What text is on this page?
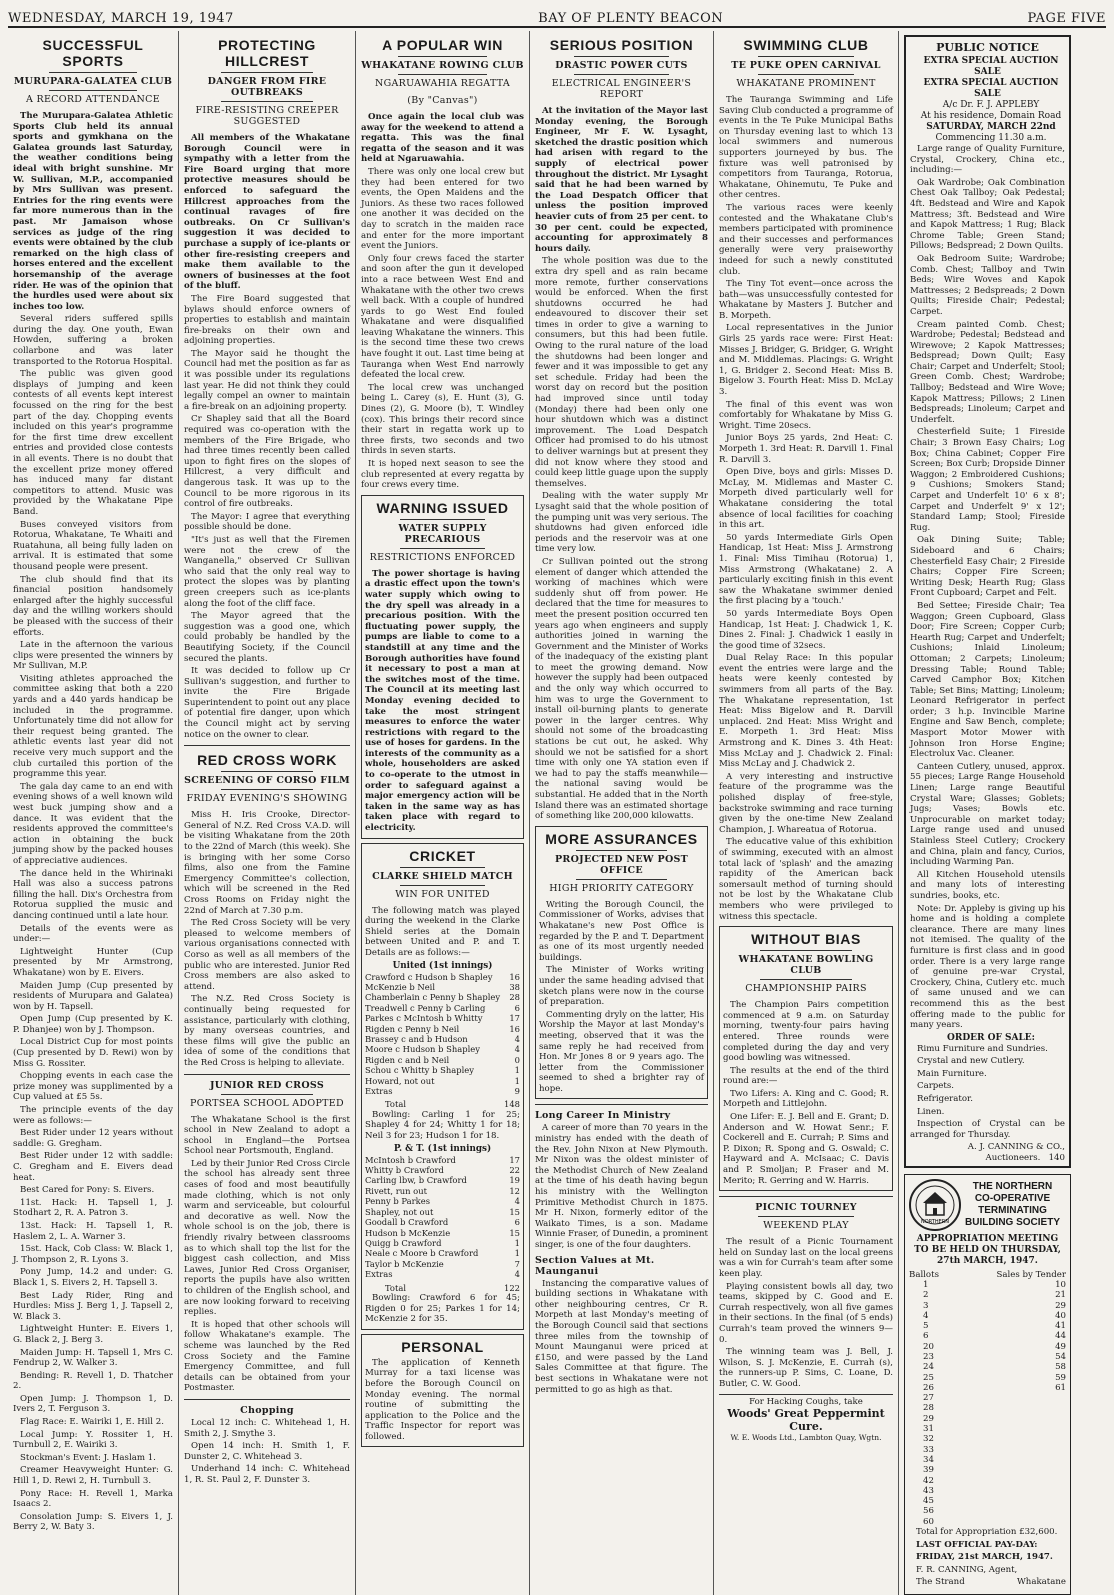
WEDNESDAY, MARCH 19, 1947	BAY OF PLENTY BEACON	PAGE FIVE
SUCCESSFUL SPORTS
MURUPARA-GALATEA CLUB
A RECORD ATTENDANCE

The Murupara-Galatea Athletic Sports Club held its annual sports and gymkhana on the Galatea grounds last Saturday, the weather conditions being ideal with bright sunshine. Mr W. Sullivan, M.P., accompanied by Mrs Sullivan was present. Entries for the ring events were far more numerous than in the past. Mr Jamaison whose services as judge of the ring events were obtained by the club remarked on the high class of horses entered and the excellent horsemanship of the average rider. He was of the opinion that the hurdles used were about six inches too low.

Several riders suffered spills during the day. One youth, Ewan Howden, suffering a broken collarbone and was later transported to the Rotorua Hospital.

The public was given good displays of jumping and keen contests of all events kept interest focussed on the ring for the best part of the day. Chopping events included on this year's programme for the first time drew excellent entries and provided close contests in all events. There is no doubt that the excellent prize money offered has induced many far distant competitors to attend. Music was provided by the Whakatane Pipe Band.

Buses conveyed visitors from Rotorua, Whakatane, Te Whaiti and Ruatahuna, all being fully laden on arrival. It is estimated that some thousand people were present.

The club should find that its financial position handsomely enlarged after the highly successful day and the willing workers should be pleased with the success of their efforts.

Late in the afternoon the various clips were presented the winners by Mr Sullivan, M.P.

Visiting athletes approached the committee asking that both a 220 yards and a 440 yards handicap be included in the programme. Unfortunately time did not allow for their request being granted. The athletic events last year did not receive very much support and the club curtailed this portion of the programme this year.

The gala day came to an end with evening shows of a well known wild west buck jumping show and a dance. It was evident that the residents approved the committee's action in obtaining the buck jumping show by the packed houses of appreciative audiences.

The dance held in the Whirinaki Hall was also a success patrons filling the hall. Dix's Orchestra from Rotorua supplied the music and dancing continued until a late hour.

Details of the events were as under:—

Lightweight Hunter (Cup presented by Mr Armstrong, Whakatane) won by E. Eivers.

Maiden Jump (Cup presented by residents of Murupara and Galatea) won by H. Tapsell.

Open Jump (Cup presented by K. P. Dhanjee) won by J. Thompson.

Local District Cup for most points (Cup presented by D. Rewi) won by Miss G. Rossiter.

Chopping events in each case the prize money was supplimented by a Cup valued at £5 5s.

The principle events of the day were as follows:—

Best Rider under 12 years without saddle: G. Gregham.

Best Rider under 12 with saddle: C. Gregham and E. Eivers dead heat.

Best Cared for Pony: S. Eivers.

11st. Hack: H. Tapsell 1, J. Stodhart 2, R. A. Patron 3.

13st. Hack: H. Tapsell 1, R. Haslem 2, L. A. Warner 3.

15st. Hack, Cob Class: W. Black 1, J. Thompson 2, R. Lyons 3.

Pony Jump, 14.2 and under: G. Black 1, S. Eivers 2, H. Tapsell 3.

Best Lady Rider, Ring and Hurdles: Miss J. Berg 1, J. Tapsell 2, W. Black 3.

Lightweight Hunter: E. Eivers 1, G. Black 2, J. Berg 3.

Maiden Jump: H. Tapsell 1, Mrs C. Fendrup 2, W. Walker 3.

Bending: R. Revell 1, D. Thatcher 2.

Open Jump: J. Thompson 1, D. Ivers 2, T. Ferguson 3.

Flag Race: E. Wairiki 1, E. Hill 2.

Local Jump: Y. Rossiter 1, H. Turnbull 2, E. Wairiki 3.

Stockman's Event: J. Haslam 1.

Creamer Heavyweight Hunter: G. Hill 1, D. Rewi 2, H. Turnbull 3.

Pony Race: H. Revell 1, Marka Isaacs 2.

Consolation Jump: S. Eivers 1, J. Berry 2, W. Baty 3.

PROTECTING HILLCREST
DANGER FROM FIRE OUTBREAKS
FIRE-RESISTING CREEPER SUGGESTED

All members of the Whakatane Borough Council were in sympathy with a letter from the Fire Board urging that more protective measures should be enforced to safeguard the Hillcrest approaches from the continual ravages of fire outbreaks. On Cr Sullivan's suggestion it was decided to purchase a supply of ice-plants or other fire-resisting creepers and make them available to the owners of businesses at the foot of the bluff.

The Fire Board suggested that bylaws should enforce owners of properties to establish and maintain fire-breaks on their own and adjoining properties.

The Mayor said he thought the Council had met the position as far as it was possible under its regulations last year. He did not think they could legally compel an owner to maintain a fire-break on an adjoining property.

Cr Shapley said that all the Board required was co-operation with the members of the Fire Brigade, who had three times recently been called upon to fight fires on the slopes of Hillcrest, a very difficult and dangerous task. It was up to the Council to be more rigorous in its control of fire outbreaks.

The Mayor: I agree that everything possible should be done.

"It's just as well that the Firemen were not the crew of the Wanganella," observed Cr Sullivan who said that the only real way to protect the slopes was by planting green creepers such as ice-plants along the foot of the cliff face.

The Mayor agreed that the suggestion was a good one, which could probably be handled by the Beautifying Society, if the Council secured the plants.

It was decided to follow up Cr Sullivan's suggestion, and further to invite the Fire Brigade Superintendent to point out any place of potential fire danger, upon which the Council might act by serving notice on the owner to clear.

RED CROSS WORK
SCREENING OF CORSO FILM
FRIDAY EVENING'S SHOWING

Miss H. Iris Crooke, Director-General of N.Z. Red Cross V.A.D. will be visiting Whakatane from the 20th to the 22nd of March (this week). She is bringing with her some Corso films, also one from the Famine Emergency Committee's collection, which will be screened in the Red Cross Rooms on Friday night the 22nd of March at 7.30 p.m.

The Red Cross Society will be very pleased to welcome members of various organisations connected with Corso as well as all members of the public who are interested. Junior Red Cross members are also asked to attend.

The N.Z. Red Cross Society is continually being requested for assistance, particularly with clothing, by many overseas countries, and these films will give the public an idea of some of the conditions that the Red Cross is helping to alleviate.

JUNIOR RED CROSS
PORTSEA SCHOOL ADOPTED

The Whakatane School is the first school in New Zealand to adopt a school in England—the Portsea School near Portsmouth, England.

Led by their Junior Red Cross Circle the school has already sent three cases of food and most beautifully made clothing, which is not only warm and serviceable, but colourful and decorative as well. Now the whole school is on the job, there is friendly rivalry between classrooms as to which shall top the list for the biggest cash collection, and Miss Lawes, Junior Red Cross Organiser, reports the pupils have also written to children of the English school, and are now looking forward to receiving replies.

It is hoped that other schools will follow Whakatane's example. The scheme was launched by the Red Cross Society and the Famine Emergency Committee, and full details can be obtained from your Postmaster.

Chopping

Local 12 inch: C. Whitehead 1, H. Smith 2, J. Smythe 3.

Open 14 inch: H. Smith 1, F. Dunster 2, C. Whitehead 3.

Underhand 14 inch: C. Whitehead 1, R. St. Paul 2, F. Dunster 3.

A POPULAR WIN
WHAKATANE ROWING CLUB
NGARUAWAHIA REGATTA
(By "Canvas")

Once again the local club was away for the weekend to attend a regatta. This was the final regatta of the season and it was held at Ngaruawahia.

There was only one local crew but they had been entered for two events, the Open Maidens and the Juniors. As these two races followed one another it was decided on the day to scratch in the maiden race and enter for the more important event the Juniors.

Only four crews faced the starter and soon after the gun it developed into a race between West End and Whakatane with the other two crews well back. With a couple of hundred yards to go West End fouled Whakatane and were disqualified leaving Whakatane the winners. This is the second time these two crews have fought it out. Last time being at Tauranga when West End narrowly defeated the local crew.

The local crew was unchanged being L. Carey (s), E. Hunt (3), G. Dines (2), G. Moore (b), T. Windley (cox). This brings their record since their start in regatta work up to three firsts, two seconds and two thirds in seven starts.

It is hoped next season to see the club represented at every regatta by four crews every time.

WARNING ISSUED
WATER SUPPLY PRECARIOUS
RESTRICTIONS ENFORCED

The power shortage is having a drastic effect upon the town's water supply which owing to the dry spell was already in a precarious position. With the fluctuating power supply, the pumps are liable to come to a standstill at any time and the Borough authorities have found it necessary to post a man at the switches most of the time. The Council at its meeting last Monday evening decided to take the most stringent measures to enforce the water restrictions with regard to the use of hoses for gardens. In the interests of the community as a whole, householders are asked to co-operate to the utmost in order to safeguard against a major emergency action will be taken in the same way as has taken place with regard to electricity.

CRICKET
CLARKE SHIELD MATCH
WIN FOR UNITED

The following match was played during the weekend in the Clarke Shield series at the Domain between United and P. and T. Details are as follows:—

United (1st innings)
Crawford c Hudson b Shapley	16
McKenzie b Neil	38
Chamberlain c Penny b Shapley	28
Treadwell c Penny b Carling	6
Parkes c McIntosh b Whitty	17
Rigden c Penny b Neil	16
Brassey c and b Hudson	4
Moore c Hudson b Shapley	4
Rigden c and b Neil	0
Schou c Whitty b Shapley	1
Howard, not out	1
Extras	9
Total	148

Bowling: Carling 1 for 25; Shapley 4 for 24; Whitty 1 for 18; Neil 3 for 23; Hudson 1 for 18.

P. & T. (1st innings)
McIntosh b Crawford	17
Whitty b Crawford	22
Carling lbw, b Crawford	19
Rivett, run out	12
Penny b Parkes	4
Shapley, not out	15
Goodall b Crawford	6
Hudson b McKenzie	15
Quigg b Crawford	1
Neale c Moore b Crawford	1
Taylor b McKenzie	7
Extras	4
Total	122

Bowling: Crawford 6 for 45; Rigden 0 for 25; Parkes 1 for 14; McKenzie 2 for 35.

PERSONAL

The application of Kenneth Murray for a taxi license was before the Borough Council on Monday evening. The normal routine of submitting the application to the Police and the Traffic Inspector for report was followed.

SERIOUS POSITION
DRASTIC POWER CUTS
ELECTRICAL ENGINEER'S REPORT

At the invitation of the Mayor last Monday evening, the Borough Engineer, Mr F. W. Lysaght, sketched the drastic position which had arisen with regard to the supply of electrical power throughout the district. Mr Lysaght said that he had been warned by the Load Despatch Officer that unless the position improved heavier cuts of from 25 per cent. to 30 per cent. could be expected, accounting for approximately 8 hours daily.

The whole position was due to the extra dry spell and as rain became more remote, further conservations would be enforced. When the first shutdowns occurred he had endeavoured to discover their set times in order to give a warning to consumers, but this had been futile. Owing to the rural nature of the load the shutdowns had been longer and fewer and it was impossible to get any set schedule. Friday had been the worst day on record but the position had improved since until today (Monday) there had been only one hour shutdown which was a distinct improvement. The Load Despatch Officer had promised to do his utmost to deliver warnings but at present they did not know where they stood and could keep little guage upon the supply themselves.

Dealing with the water supply Mr Lysaght said that the whole position of the pumping unit was very serious. The shutdowns had given enforced idle periods and the reservoir was at one time very low.

Cr Sullivan pointed out the strong element of danger which attended the working of machines which were suddenly shut off from power. He declared that the time for measures to meet the present position occurred ten years ago when engineers and supply authorities joined in warning the Government and the Minister of Works of the inadequacy of the existing plant to meet the growing demand. Now however the supply had been outpaced and the only way which occurred to him was to urge the Government to install oil-burning plants to generate power in the larger centres. Why should not some of the broadcasting stations be cut out, he asked. Why should we not be satisfied for a short time with only one YA station even if we had to pay the staffs meanwhile—the national saving would be substantial. He added that in the North Island there was an estimated shortage of something like 200,000 kilowatts.

MORE ASSURANCES
PROJECTED NEW POST OFFICE
HIGH PRIORITY CATEGORY

Writing the Borough Council, the Commissioner of Works, advises that Whakatane's new Post Office is regarded by the P. and T. Department as one of its most urgently needed buildings.

The Minister of Works writing under the same heading advised that sketch plans were now in the course of preparation.

Commenting dryly on the latter, His Worship the Mayor at last Monday's meeting, observed that it was the same reply he had received from Hon. Mr Jones 8 or 9 years ago. The letter from the Commissioner seemed to shed a brighter ray of hope.

Long Career In Ministry

A career of more than 70 years in the ministry has ended with the death of the Rev. John Nixon at New Plymouth. Mr Nixon was the oldest minister of the Methodist Church of New Zealand at the time of his death having begun his ministry with the Wellington Primitive Methodist Church in 1875. Mr H. Nixon, formerly editor of the Waikato Times, is a son. Madame Winnie Fraser, of Dunedin, a prominent singer, is one of the four daughters.

Section Values at Mt. Maunganui

Instancing the comparative values of building sections in Whakatane with other neighbouring centres, Cr R. Morpeth at last Monday's meeting of the Borough Council said that sections three miles from the township of Mount Maunganui were priced at £150, and were passed by the Land Sales Committee at that figure. The best sections in Whakatane were not permitted to go as high as that.

SWIMMING CLUB
TE PUKE OPEN CARNIVAL
WHAKATANE PROMINENT

The Tauranga Swimming and Life Saving Club conducted a programme of events in the Te Puke Municipal Baths on Thursday evening last to which 13 local swimmers and numerous supporters journeyed by bus. The fixture was well patronised by competitors from Tauranga, Rotorua, Whakatane, Ohinemutu, Te Puke and other centres.

The various races were keenly contested and the Whakatane Club's members participated with prominence and their successes and performances generally were very praiseworthy indeed for such a newly constituted club.

The Tiny Tot event—once across the bath—was unsuccessfully contested for Whakatane by Masters J. Butcher and B. Morpeth.

Local representatives in the Junior Girls 25 yards race were: First Heat: Misses J. Bridger, G. Bridger, G. Wright and M. Middlemas. Placings: G. Wright 1, G. Bridger 2. Second Heat: Miss B. Bigelow 3. Fourth Heat: Miss D. McLay 3.

The final of this event was won comfortably for Whakatane by Miss G. Wright. Time 20secs.

Junior Boys 25 yards, 2nd Heat: C. Morpeth 1. 3rd Heat: R. Darvill 1. Final R. Darvill 3.

Open Dive, boys and girls: Misses D. McLay, M. Midlemas and Master C. Morpeth dived particularly well for Whakatane considering the total absence of local facilities for coaching in this art.

50 yards Intermediate Girls Open Handicap, 1st Heat: Miss J. Armstrong 1. Final: Miss Timihau (Rotorua) 1, Miss Armstrong (Whakatane) 2. A particularly exciting finish in this event saw the Whakatane swimmer denied the first placing by a 'touch.'

50 yards Intermediate Boys Open Handicap, 1st Heat: J. Chadwick 1, K. Dines 2. Final: J. Chadwick 1 easily in the good time of 32secs.

Dual Relay Race: In this popular event the entries were large and the heats were keenly contested by swimmers from all parts of the Bay. The Whakatane representation, 1st Heat: Miss Bigelow and R. Darvill unplaced. 2nd Heat: Miss Wright and E. Morpeth 1. 3rd Heat: Miss Armstrong and K. Dines 3. 4th Heat: Miss McLay and J. Chadwick 2. Final: Miss McLay and J. Chadwick 2.

A very interesting and instructive feature of the programme was the polished display of free-style, backstroke swimming and race turning given by the one-time New Zealand Champion, J. Whareatua of Rotorua.

The educative value of this exhibition of swimming, executed with an almost total lack of 'splash' and the amazing rapidity of the American back somersault method of turning should not be lost by the Whakatane Club members who were privileged to witness this spectacle.

WITHOUT BIAS
WHAKATANE BOWLING CLUB
CHAMPIONSHIP PAIRS

The Champion Pairs competition commenced at 9 a.m. on Saturday morning, twenty-four pairs having entered. Three rounds were completed during the day and very good bowling was witnessed.

The results at the end of the third round are:—

Two Lifers: A. King and C. Good; R. Morpeth and Littlejohn.

One Lifer: E. J. Bell and E. Grant; D. Anderson and W. Howat Senr.; F. Cockerell and E. Currah; P. Sims and P. Dixon; R. Spong and G. Oswald; C. Hayward and A. McIsaac; C. Davis and P. Smoljan; P. Fraser and M. Merito; R. Gerring and W. Harris.

PICNIC TOURNEY
WEEKEND PLAY

The result of a Picnic Tournament held on Sunday last on the local greens was a win for Currah's team after some keen play.

Playing consistent bowls all day, two teams, skipped by C. Good and E. Currah respectively, won all five games in their sections. In the final (of 5 ends) Currah's team proved the winners 9—0.

The winning team was J. Bell, J. Wilson, S. J. McKenzie, E. Currah (s), the runners-up P. Sims, C. Loane, D. Butler, C. W. Good.

For Hacking Coughs, take
Woods' Great Peppermint Cure.
W. E. Woods Ltd., Lambton Quay, Wgtn.
PUBLIC NOTICE

EXTRA SPECIAL AUCTION SALE

EXTRA SPECIAL AUCTION SALE

A/c Dr. F. J. APPLEBY

At his residence, Domain Road

SATURDAY, MARCH 22nd

Commencing 11.30 a.m.

Large range of Quality Furniture, Crystal, Crockery, China etc., including:—

Oak Wardrobe; Oak Combination Chest Oak Tallboy; Oak Pedestal; 4ft. Bedstead and Wire and Kapok Mattress; 3ft. Bedstead and Wire and Kapok Mattress; 1 Rug; Black Chrome Table; Green Stand; Pillows; Bedspread; 2 Down Quilts.

Oak Bedroom Suite; Wardrobe; Comb. Chest; Tallboy and Twin Beds; Wire Woves and Kapok Mattresses; 2 Bedspreads; 2 Down Quilts; Fireside Chair; Pedestal; Carpet.

Cream painted Comb. Chest; Wardrobe; Pedestal; Bedstead and Wirewove; 2 Kapok Mattresses; Bedspread; Down Quilt; Easy Chair; Carpet and Underfelt; Stool; Green Comb. Chest; Wardrobe; Tallboy; Bedstead and Wire Wove; Kapok Mattress; Pillows; 2 Linen Bedspreads; Linoleum; Carpet and Underfelt.

Chesterfield Suite; 1 Fireside Chair; 3 Brown Easy Chairs; Log Box; China Cabinet; Copper Fire Screen; Box Curb; Dropside Dinner Waggon; 2 Embroidered Cushions; 9 Cushions; Smokers Stand; Carpet and Underfelt 10' 6 x 8'; Carpet and Underfelt 9' x 12'; Standard Lamp; Stool; Fireside Rug.

Oak Dining Suite; Table; Sideboard and 6 Chairs; Chesterfield Easy Chair; 2 Fireside Chairs; Copper Fire Screen; Writing Desk; Hearth Rug; Glass Front Cupboard; Carpet and Felt.

Bed Settee; Fireside Chair; Tea Waggon; Green Cupboard, Glass Door; Fire Screen; Copper Curb; Hearth Rug; Carpet and Underfelt; Cushions; Inlaid Linoleum; Ottoman; 2 Carpets; Linoleum; Dressing Table; Round Table; Carved Camphor Box; Kitchen Table; Set Bins; Matting; Linoleum; Leonard Refrigerator in perfect order; 3 h.p. Invincible Marine Engine and Saw Bench, complete; Masport Motor Mower with Johnson Iron Horse Engine; Electrolux Vac. Cleaner.

Canteen Cutlery, unused, approx. 55 pieces; Large Range Household Linen; Large range Beautiful Crystal Ware; Glasses; Goblets; Jugs; Vases; Bowls etc. Unprocurable on market today; Large range used and unused Stainless Steel Cutlery; Crockery and China, plain and fancy, Curios, including Warming Pan.

All Kitchen Household utensils and many lots of interesting sundries, books, etc.

Note: Dr. Appleby is giving up his home and is holding a complete clearance. There are many lines not itemised. The quality of the furniture is first class and in good order. There is a very large range of genuine pre-war Crystal, Crockery, China, Cutlery etc. much of same unused and we can recommend this as the best offering made to the public for many years.

ORDER OF SALE:

Rimu Furniture and Sundries.

Crystal and new Cutlery.

Main Furniture.

Carpets.

Refrigerator.

Linen.

Inspection of Crystal can be arranged for Thursday.

A. J. CANNING & CO.,

Auctioneers. 140

NORTHERN
THE NORTHERN
CO-OPERATIVE
TERMINATING
BUILDING SOCIETY
APPROPRIATION MEETING TO BE HELD ON THURSDAY, 27th MARCH, 1947.
Ballots	Sales by Tender
1	10
2	21
3	29
4	40
5	41
6	44
20	49
23	54
24	58
25	59
26	61
27	
28	
29	
31	
32	
33	
34	
39	
42	
43	
45	
56	
60	

Total for Appropriation £32,600.

LAST OFFICIAL PAY-DAY:

FRIDAY, 21st MARCH, 1947.

F. R. CANNING, Agent,

The Strand	Whakatane
